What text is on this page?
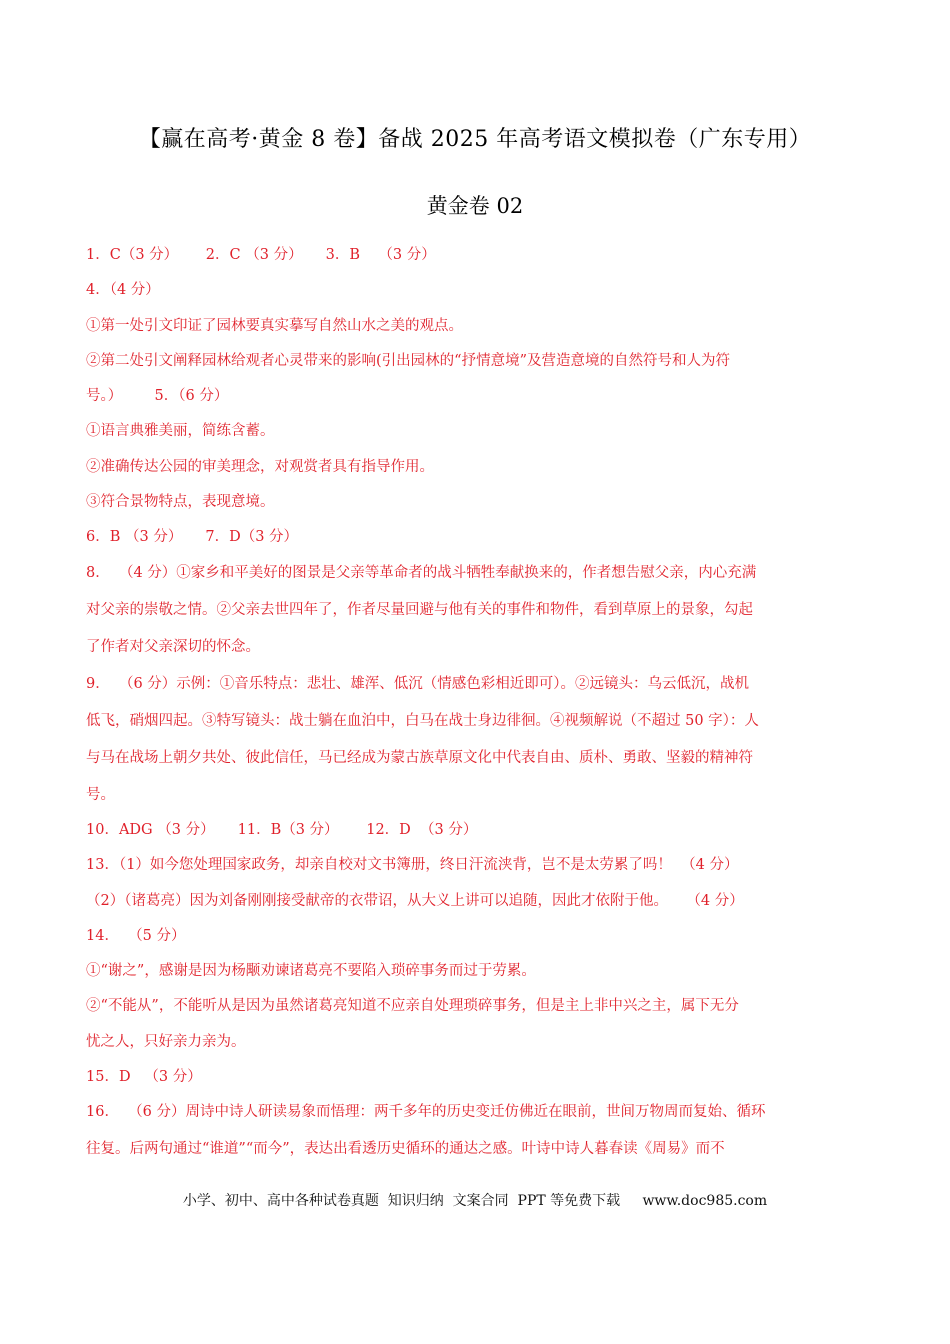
【赢在高考·黄金 8 卷】备战 2025 年高考语文模拟卷（广东专用）
黄金卷 02
1．C（3 分）      2．C （3 分）     3．B    （3 分）
4．（4 分）
①第一处引文印证了园林要真实摹写自然山水之美的观点。
②第二处引文阐释园林给观者心灵带来的影响(引出园林的“抒情意境”及营造意境的自然符号和人为符
号。）       5．（6 分）
①语言典雅美丽，简练含蓄。
②准确传达公园的审美理念，对观赏者具有指导作用。
③符合景物特点，表现意境。
6．B （3 分）     7．D（3 分）
8．  （4 分）①家乡和平美好的图景是父亲等革命者的战斗牺牲奉献换来的，作者想告慰父亲，内心充满
对父亲的崇敬之情。②父亲去世四年了，作者尽量回避与他有关的事件和物件，看到草原上的景象，勾起
了作者对父亲深切的怀念。
9．  （6 分）示例：①音乐特点：悲壮、雄浑、低沉（情感色彩相近即可）。②远镜头：乌云低沉，战机
低飞，硝烟四起。③特写镜头：战士躺在血泊中，白马在战士身边徘徊。④视频解说（不超过 50 字）：人
与马在战场上朝夕共处、彼此信任，马已经成为蒙古族草原文化中代表自由、质朴、勇敢、坚毅的精神符
号。
10．ADG （3 分）     11．B（3 分）      12．D  （3 分）
13．（1）如今您处理国家政务，却亲自校对文书簿册，终日汗流浃背，岂不是太劳累了吗！  （4 分）
（2）（诸葛亮）因为刘备刚刚接受献帝的衣带诏，从大义上讲可以追随，因此才依附于他。    （4 分）
14．  （5 分）
①“谢之”，感谢是因为杨颙劝谏诸葛亮不要陷入琐碎事务而过于劳累。
②“不能从”，不能听从是因为虽然诸葛亮知道不应亲自处理琐碎事务，但是主上非中兴之主，属下无分
忧之人，只好亲力亲为。
15．D   （3 分）
16．  （6 分）周诗中诗人研读易象而悟理：两千多年的历史变迁仿佛近在眼前，世间万物周而复始、循环
往复。后两句通过“谁道”“而今”，表达出看透历史循环的通达之感。叶诗中诗人暮春读《周易》而不
小学、初中、高中各种试卷真题  知识归纳  文案合同  PPT 等免费下载     www.doc985.com
